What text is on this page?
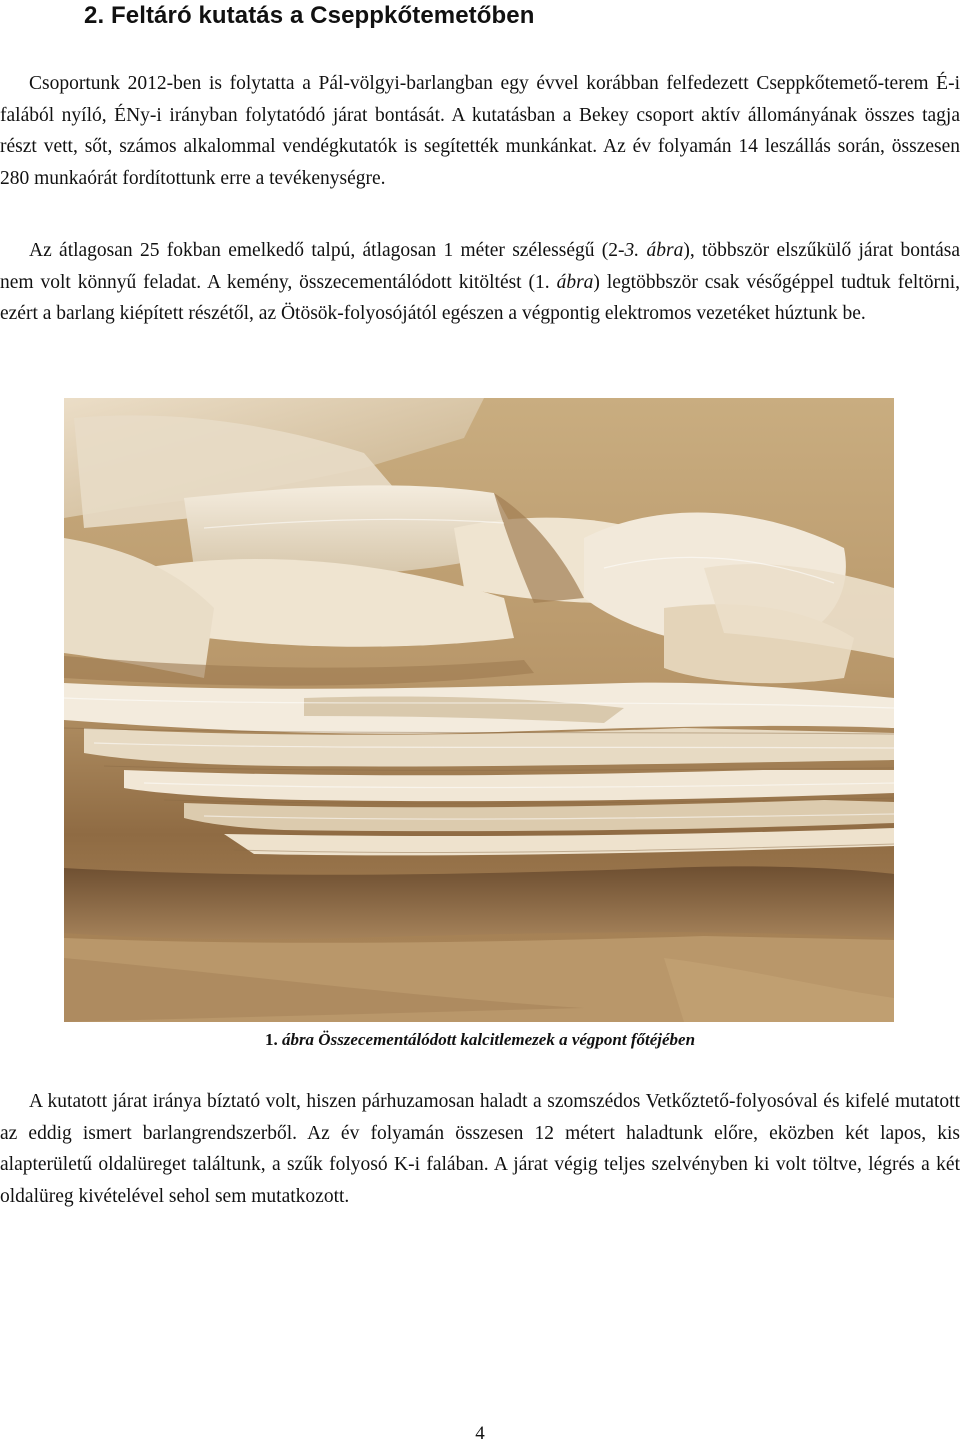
2. Feltáró kutatás a Cseppkőtemetőben

Csoportunk 2012-ben is folytatta a Pál-völgyi-barlangban egy évvel korábban felfedezett Cseppkőtemető-terem É-i falából nyíló, ÉNy-i irányban folytatódó járat bontását. A kutatásban a Bekey csoport aktív állományának összes tagja részt vett, sőt, számos alkalommal vendégkutatók is segítették munkánkat. Az év folyamán 14 leszállás során, összesen 280 munkaórát fordítottunk erre a tevékenységre.

Az átlagosan 25 fokban emelkedő talpú, átlagosan 1 méter szélességű (2-3. ábra), többször elszűkülő járat bontása nem volt könnyű feladat. A kemény, összecementálódott kitöltést (1. ábra) legtöbbször csak vésőgéppel tudtuk feltörni, ezért a barlang kiépített részétől, az Ötösök-folyosójától egészen a végpontig elektromos vezetéket húztunk be.

1. ábra Összecementálódott kalcitlemezek a végpont főtéjében

A kutatott járat iránya bíztató volt, hiszen párhuzamosan haladt a szomszédos Vetkőztető-folyosóval és kifelé mutatott az eddig ismert barlangrendszerből. Az év folyamán összesen 12 métert haladtunk előre, eközben két lapos, kis alapterületű oldalüreget találtunk, a szűk folyosó K-i falában. A járat végig teljes szelvényben ki volt töltve, légrés a két oldalüreg kivételével sehol sem mutatkozott.

4
